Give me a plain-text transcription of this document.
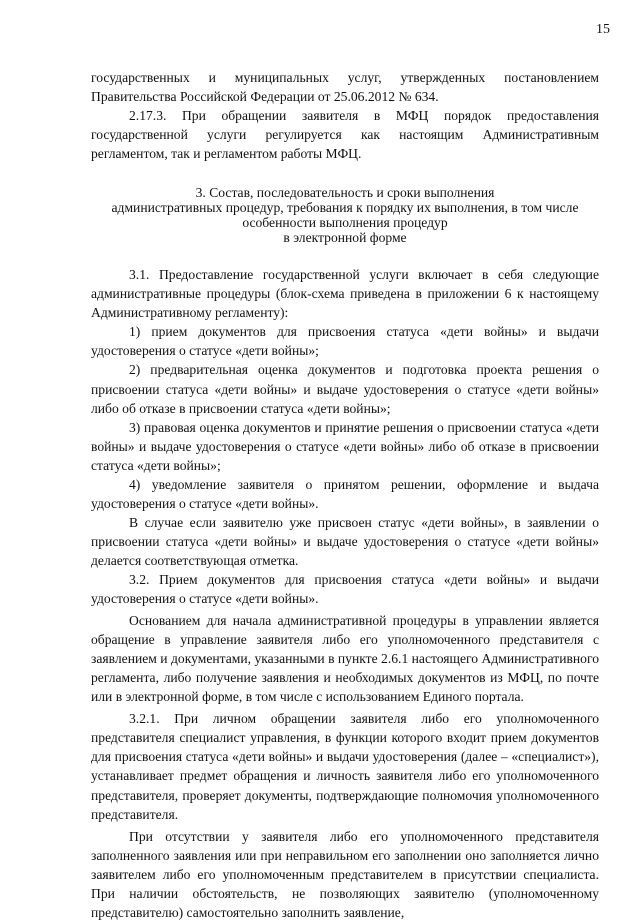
15

государственных и муниципальных услуг, утвержденных постановлением Правительства Российской Федерации от 25.06.2012 № 634.

2.17.3. При обращении заявителя в МФЦ порядок предоставления государственной услуги регулируется как настоящим Административным регламентом, так и регламентом работы МФЦ.

3. Состав, последовательность и сроки выполнения
административных процедур, требования к порядку их выполнения, в том числе особенности выполнения процедур
в электронной форме

3.1. Предоставление государственной услуги включает в себя следующие административные процедуры (блок-схема приведена в приложении 6 к настоящему Административному регламенту):

1) прием документов для присвоения статуса «дети войны» и выдачи удостоверения о статусе «дети войны»;

2) предварительная оценка документов и подготовка проекта решения о присвоении статуса «дети войны» и выдаче удостоверения о статусе «дети войны» либо об отказе в присвоении статуса «дети войны»;

3) правовая оценка документов и принятие решения о присвоении статуса «дети войны» и выдаче удостоверения о статусе «дети войны» либо об отказе в присвоении статуса «дети войны»;

4) уведомление заявителя о принятом решении, оформление и выдача удостоверения о статусе «дети войны».

В случае если заявителю уже присвоен статус «дети войны», в заявлении о присвоении статуса «дети войны» и выдаче удостоверения о статусе «дети войны» делается соответствующая отметка.

3.2. Прием документов для присвоения статуса «дети войны» и выдачи удостоверения о статусе «дети войны».

Основанием для начала административной процедуры в управлении является обращение в управление заявителя либо его уполномоченного представителя с заявлением и документами, указанными в пункте 2.6.1 настоящего Административного регламента, либо получение заявления и необходимых документов из МФЦ, по почте или в электронной форме, в том числе с использованием Единого портала.

3.2.1. При личном обращении заявителя либо его уполномоченного представителя специалист управления, в функции которого входит прием документов для присвоения статуса «дети войны» и выдачи удостоверения (далее – «специалист»), устанавливает предмет обращения и личность заявителя либо его уполномоченного представителя, проверяет документы, подтверждающие полномочия уполномоченного представителя.

При отсутствии у заявителя либо его уполномоченного представителя заполненного заявления или при неправильном его заполнении оно заполняется лично заявителем либо его уполномоченным представителем в присутствии специалиста. При наличии обстоятельств, не позволяющих заявителю (уполномоченному представителю) самостоятельно заполнить заявление,
